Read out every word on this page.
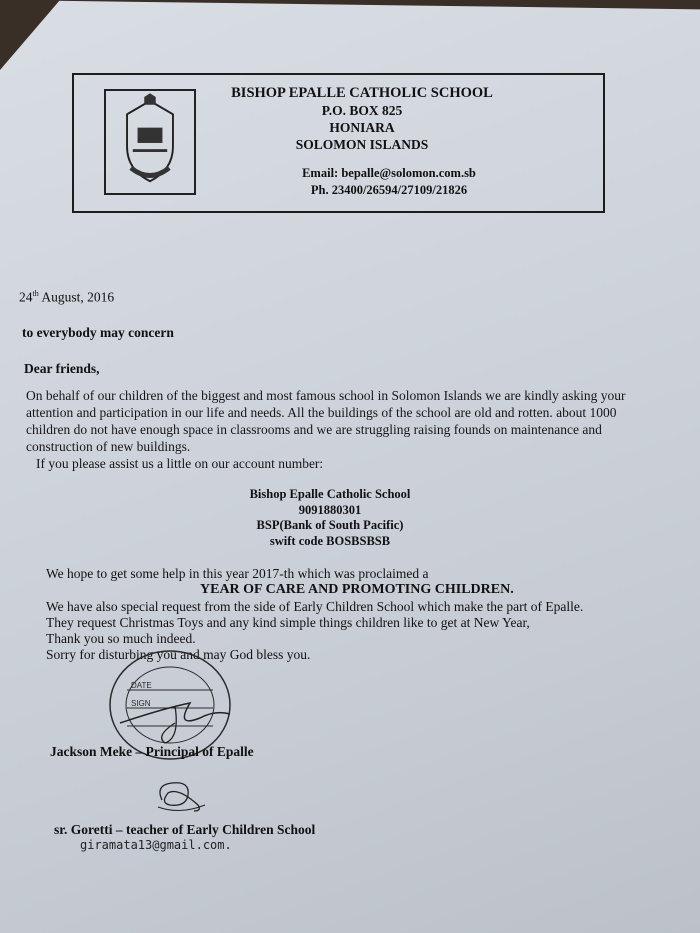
BISHOP EPALLE CATHOLIC SCHOOL
P.O. BOX 825
HONIARA
SOLOMON ISLANDS
Email: bepalle@solomon.com.sb
Ph. 23400/26594/27109/21826
24th August, 2016
to everybody may concern
Dear friends,
On behalf of our children of the biggest and most famous school in Solomon Islands we are kindly asking your
attention and participation in our life and needs. All the buildings of the school are old and rotten. about 1000
children do not have enough space in classrooms and we are struggling raising founds on maintenance and
construction of new buildings.
If you please assist us a little on our account number:
Bishop Epalle Catholic School
9091880301
BSP(Bank of South Pacific)
swift code BOSBSBSB
We hope to get some help in this year 2017-th which was proclaimed a
YEAR OF CARE AND PROMOTING CHILDREN.
We have also special request from the side of Early Children School which make the part of Epalle.
They request Christmas Toys and any kind simple things children like to get at New Year,
Thank you so much indeed.
Sorry for disturbing you and may God bless you.
DATE
SIGN
Jackson Meke – Principal of Epalle
sr. Goretti – teacher of Early Children School
giramata13@gmail.com.
